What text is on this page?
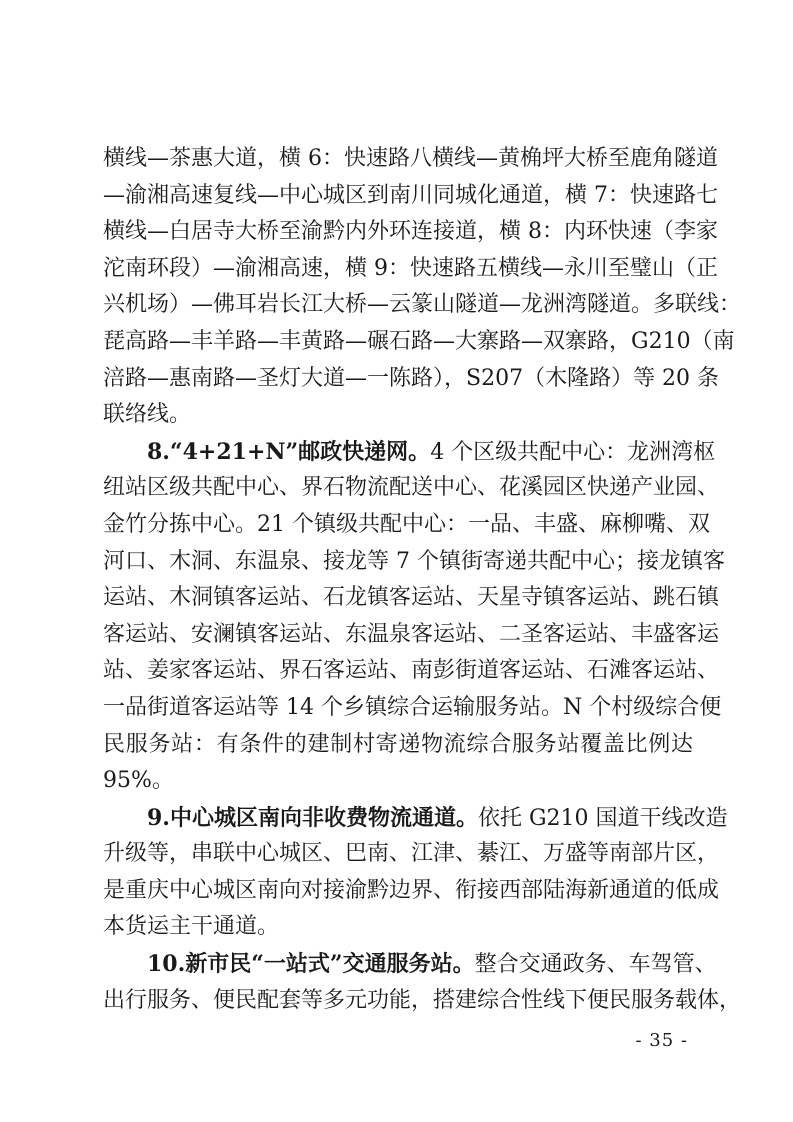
横线—茶惠大道，横 6：快速路八横线—黄桷坪大桥至鹿角隧道
—渝湘高速复线—中心城区到南川同城化通道，横 7：快速路七
横线—白居寺大桥至渝黔内外环连接道，横 8：内环快速（李家
沱南环段）—渝湘高速，横 9：快速路五横线—永川至璧山（正
兴机场）—佛耳岩长江大桥—云篆山隧道—龙洲湾隧道。多联线：
琵高路—丰羊路—丰黄路—碾石路—大寨路—双寨路，G210（南
涪路—惠南路—圣灯大道—一陈路），S207（木隆路）等 20 条
联络线。
8.“4+21+N”邮政快递网。4 个区级共配中心：龙洲湾枢
纽站区级共配中心、界石物流配送中心、花溪园区快递产业园、
金竹分拣中心。21 个镇级共配中心：一品、丰盛、麻柳嘴、双
河口、木洞、东温泉、接龙等 7 个镇街寄递共配中心；接龙镇客
运站、木洞镇客运站、石龙镇客运站、天星寺镇客运站、跳石镇
客运站、安澜镇客运站、东温泉客运站、二圣客运站、丰盛客运
站、姜家客运站、界石客运站、南彭街道客运站、石滩客运站、
一品街道客运站等 14 个乡镇综合运输服务站。N 个村级综合便
民服务站：有条件的建制村寄递物流综合服务站覆盖比例达
95%。
9.中心城区南向非收费物流通道。依托 G210 国道干线改造
升级等，串联中心城区、巴南、江津、綦江、万盛等南部片区，
是重庆中心城区南向对接渝黔边界、衔接西部陆海新通道的低成
本货运主干通道。
10.新市民“一站式”交通服务站。整合交通政务、车驾管、
出行服务、便民配套等多元功能，搭建综合性线下便民服务载体，
- 35 -
